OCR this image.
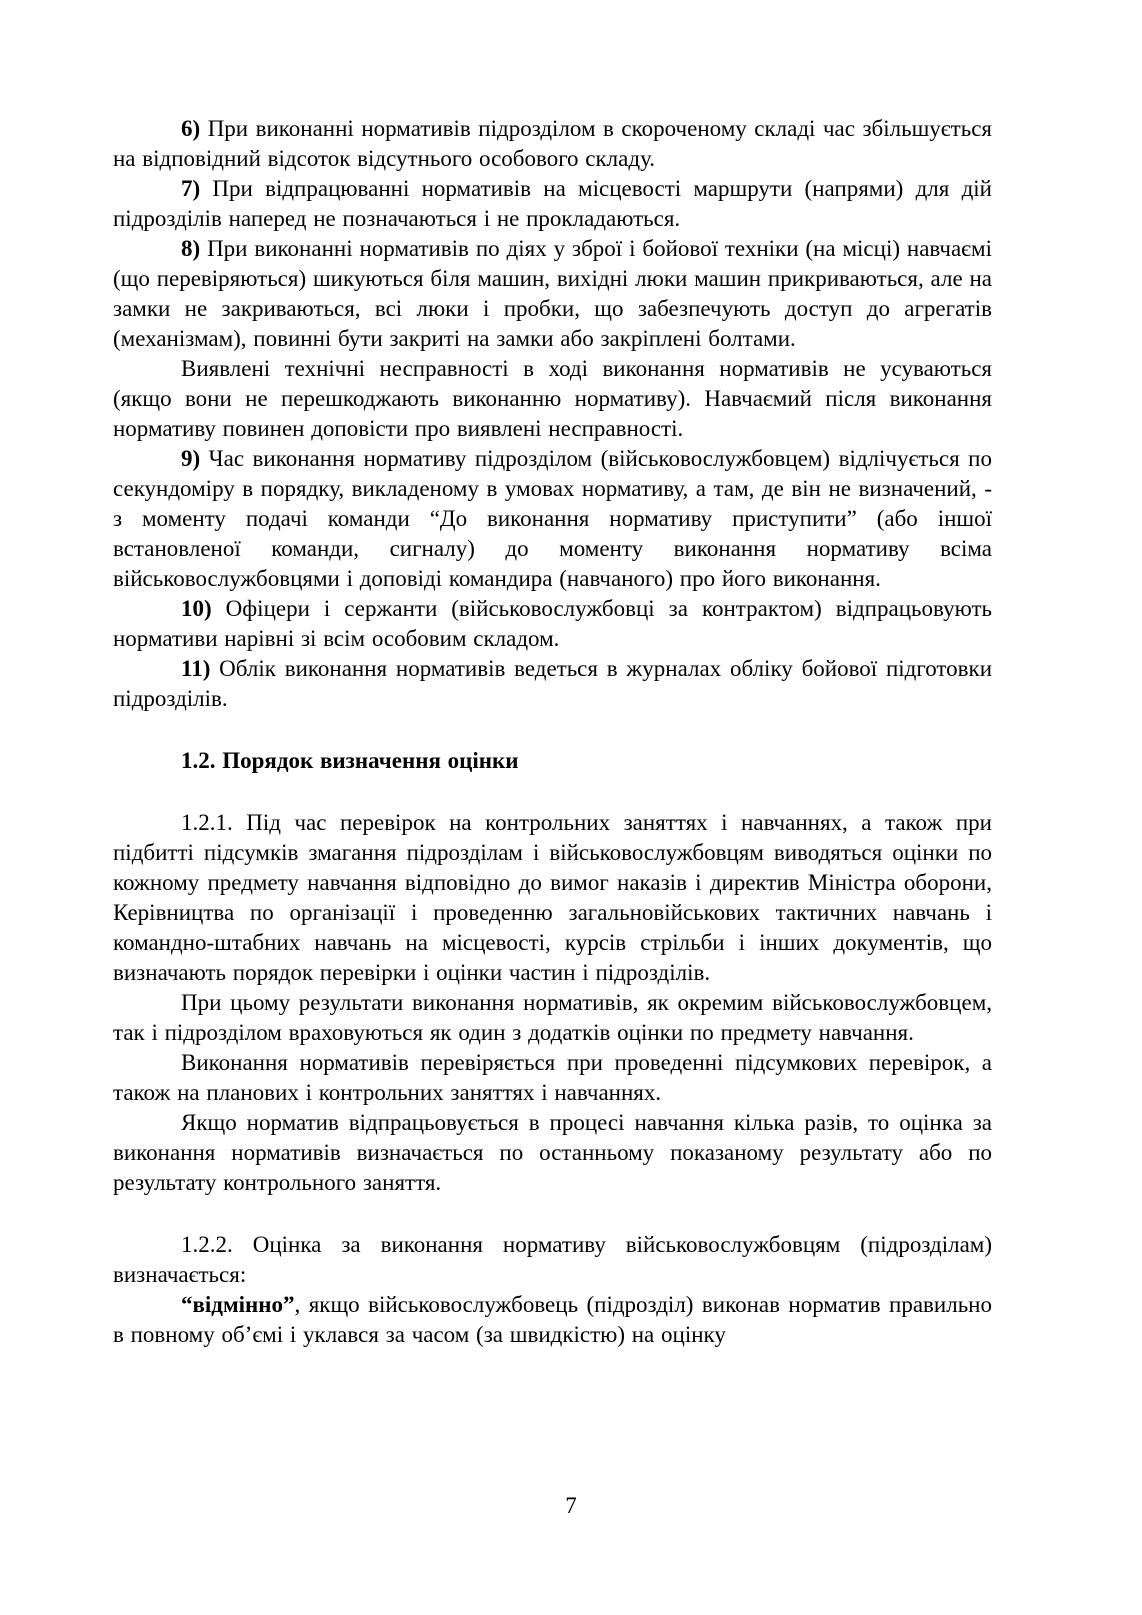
6) При виконанні нормативів підрозділом в скороченому складі час збільшується на відповідний відсоток відсутнього особового складу.

7) При відпрацюванні нормативів на місцевості маршрути (напрями) для дій підрозділів наперед не позначаються і не прокладаються.

8) При виконанні нормативів по діях у зброї і бойової техніки (на місці) навчаємі (що перевіряються) шикуються біля машин, вихідні люки машин прикриваються, але на замки не закриваються, всі люки і пробки, що забезпечують доступ до агрегатів (механізмам), повинні бути закриті на замки або закріплені болтами.

Виявлені технічні несправності в ході виконання нормативів не усуваються (якщо вони не перешкоджають виконанню нормативу). Навчаємий після виконання нормативу повинен доповісти про виявлені несправності.

9) Час виконання нормативу підрозділом (військовослужбовцем) відлічується по секундоміру в порядку, викладеному в умовах нормативу, а там, де він не визначений, - з моменту подачі команди “До виконання нормативу приступити” (або іншої встановленої команди, сигналу) до моменту виконання нормативу всіма військовослужбовцями і доповіді командира (навчаного) про його виконання.

10) Офіцери і сержанти (військовослужбовці за контрактом) відпрацьовують нормативи нарівні зі всім особовим складом.

11) Облік виконання нормативів ведеться в журналах обліку бойової підготовки підрозділів.

1.2. Порядок визначення оцінки

1.2.1. Під час перевірок на контрольних заняттях і навчаннях, а також при підбитті підсумків змагання підрозділам і військовослужбовцям виводяться оцінки по кожному предмету навчання відповідно до вимог наказів і директив Міністра оборони, Керівництва по організації і проведенню загальновійськових тактичних навчань і командно-штабних навчань на місцевості, курсів стрільби і інших документів, що визначають порядок перевірки і оцінки частин і підрозділів.

При цьому результати виконання нормативів, як окремим військовослужбовцем, так і підрозділом враховуються як один з додатків оцінки по предмету навчання.

Виконання нормативів перевіряється при проведенні підсумкових перевірок, а також на планових і контрольних заняттях і навчаннях.

Якщо норматив відпрацьовується в процесі навчання кілька разів, то оцінка за виконання нормативів визначається по останньому показаному результату або по результату контрольного заняття.

1.2.2. Оцінка за виконання нормативу військовослужбовцям (підрозділам) визначається:

“відмінно”, якщо військовослужбовець (підрозділ) виконав норматив правильно в повному об’ємі і уклався за часом (за швидкістю) на оцінку

7
